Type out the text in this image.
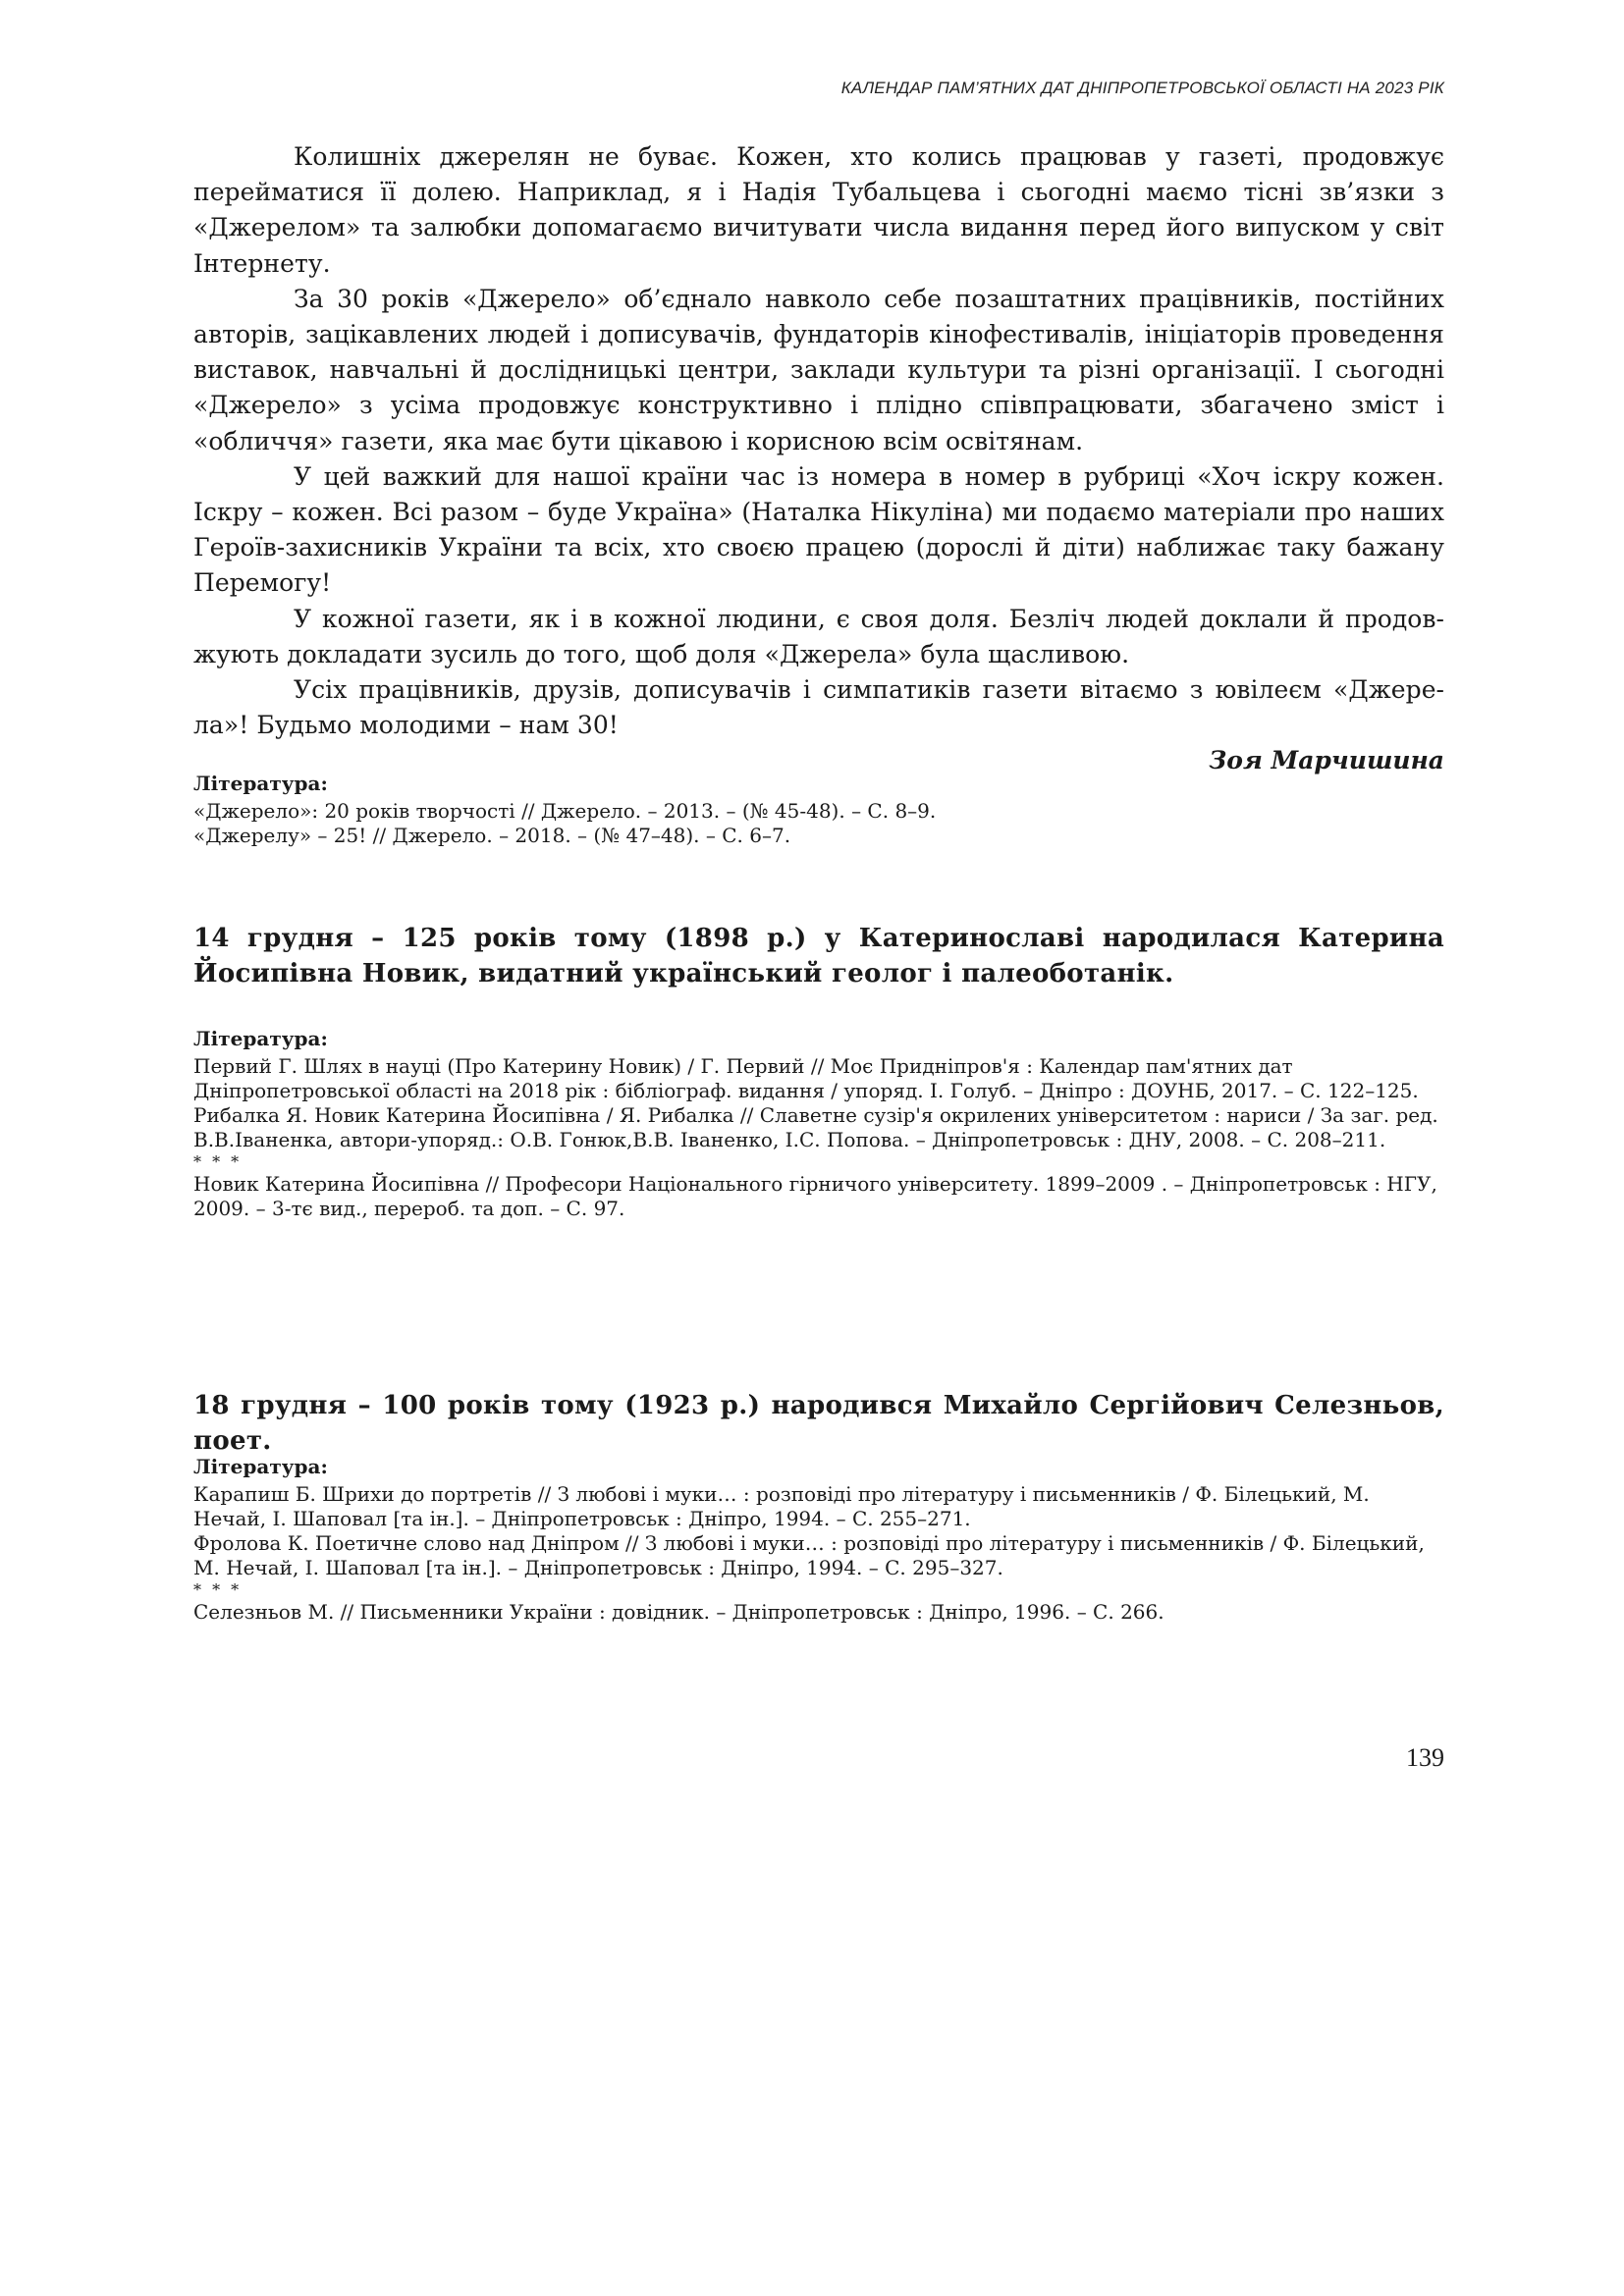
КАЛЕНДАР ПАМ’ЯТНИХ ДАТ ДНІПРОПЕТРОВСЬКОЇ ОБЛАСТІ НА 2023 РІК

Колишніх джерелян не буває. Кожен, хто колись працював у газеті, продовжує перейматися її долею. Наприклад, я і Надія Тубальцева і сьогодні маємо тісні зв’язки з «Джерелом» та залюбки допомагаємо вичитувати числа видання перед його випуском у світ Інтернету.

За 30 років «Джерело» об’єднало навколо себе позаштатних працівників, постійних авторів, зацікавлених людей і дописувачів, фундаторів кінофестивалів, ініціаторів проведення виставок, навчальні й дослідницькі центри, заклади культури та різні організації. І сьогодні «Джерело» з усіма продовжує конструктивно і плідно співпрацювати, збагачено зміст і «обличчя» газети, яка має бути цікавою і корисною всім освітянам.

У цей важкий для нашої країни час із номера в номер в рубриці «Хоч іскру кожен. Іскру – кожен. Всі разом – буде Україна» (Наталка Нікуліна) ми подаємо матеріали про наших Героїв-захисників України та всіх, хто своєю працею (дорослі й діти) наближає таку бажану Перемогу!

У кожної газети, як і в кожної людини, є своя доля. Безліч людей доклали й продовжують докладати зусиль до того, щоб доля «Джерела» була щасливою.

Усіх працівників, друзів, дописувачів і симпатиків газети вітаємо з ювілеєм «Джерела»! Будьмо молодими – нам 30!

Зоя Марчишина

Література:

«Джерело»: 20 років творчості // Джерело. – 2013. – (№ 45-48). – С. 8–9.

«Джерелу» – 25! // Джерело. – 2018. – (№ 47–48). – С. 6–7.

14 грудня – 125 років тому (1898 р.) у Катеринославі народилася Катерина Йосипівна Новик, видатний український геолог і палеоботанік.

Література:

Первий Г. Шлях в науці (Про Катерину Новик) / Г. Первий // Моє Придніпров'я : Календар пам'ятних дат Дніпропетровської області на 2018 рік : бібліограф. видання / упоряд. І. Голуб. – Дніпро : ДОУНБ, 2017. – С. 122–125.

Рибалка Я. Новик Катерина Йосипівна / Я. Рибалка // Славетне сузір'я окрилених університетом : нариси / За заг. ред. В.В.Іваненка, автори-упоряд.: О.В. Гонюк,В.В. Іваненко, І.С. Попова. – Дніпропетровськ : ДНУ, 2008. – С. 208–211.

* * *

Новик Катерина Йосипівна // Професори Національного гірничого університету. 1899–2009 . – Дніпропетровськ : НГУ, 2009. – 3-тє вид., перероб. та доп. – С. 97.

18 грудня – 100 років тому (1923 р.) народився Михайло Сергійович Селезньов, поет.

Література:

Карапиш Б. Шрихи до портретів // З любові і муки… : розповіді про літературу і письменників / Ф. Білецький, М. Нечай, І. Шаповал [та ін.]. – Дніпропетровськ : Дніпро, 1994. – С. 255–271.

Фролова К. Поетичне слово над Дніпром // З любові і муки… : розповіді про літературу і письменників / Ф. Білецький, М. Нечай, І. Шаповал [та ін.]. – Дніпропетровськ : Дніпро, 1994. – С. 295–327.

* * *

Селезньов М. // Письменники України : довідник. – Дніпропетровськ : Дніпро, 1996. – С. 266.

139
